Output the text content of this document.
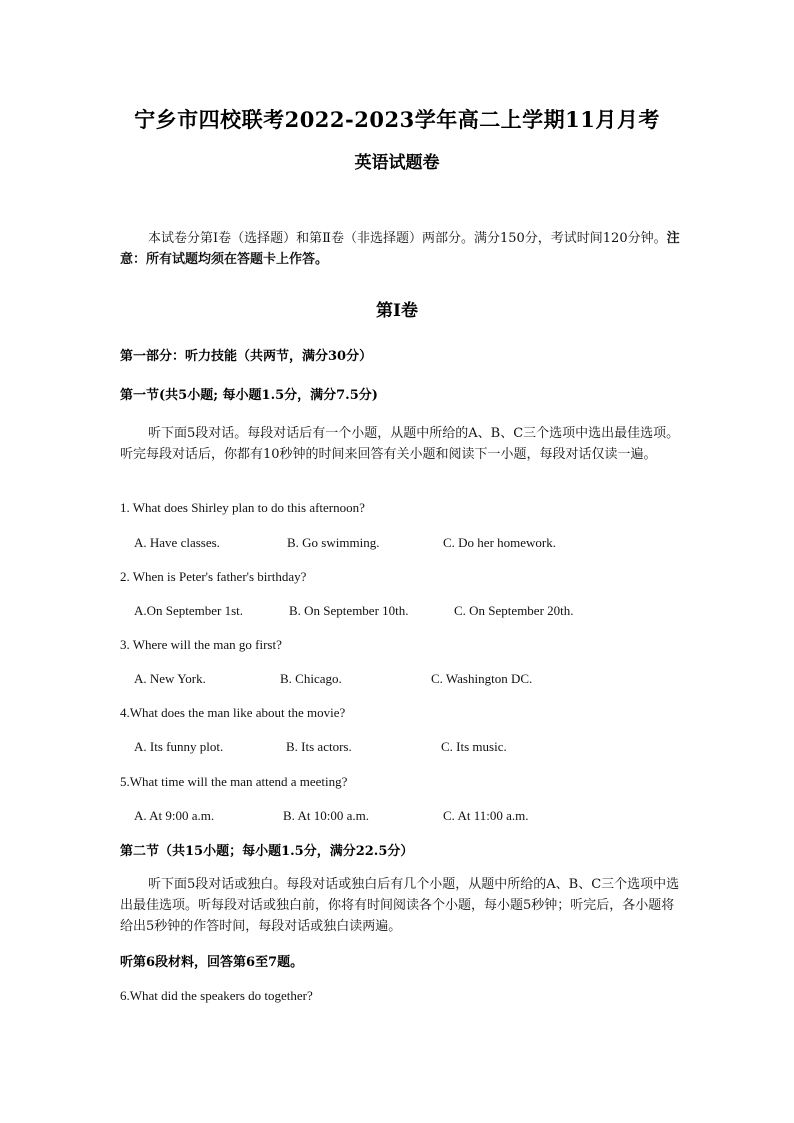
宁乡市四校联考2022-2023学年高二上学期11月月考
英语试题卷
本试卷分第Ⅰ卷（选择题）和第Ⅱ卷（非选择题）两部分。满分150分，考试时间120分钟。注意：所有试题均须在答题卡上作答。
第Ⅰ卷
第一部分：听力技能（共两节，满分30分）
第一节(共5小题; 每小题1.5分，满分7.5分)
听下面5段对话。每段对话后有一个小题，从题中所给的A、B、C三个选项中选出最佳选项。听完每段对话后，你都有10秒钟的时间来回答有关小题和阅读下一小题，每段对话仅读一遍。
1. What does Shirley plan to do this afternoon?
A. Have classes.	B. Go swimming.	C. Do her homework.
2. When is Peter's father's birthday?
A.On September 1st.	B. On September 10th.	C. On September 20th.
3. Where will the man go first?
A. New York.	B. Chicago.	C. Washington DC.
4.What does the man like about the movie?
A. Its funny plot.	B. Its actors.	C. Its music.
5.What time will the man attend a meeting?
A. At 9:00 a.m.	B. At 10:00 a.m.	C. At 11:00 a.m.
第二节（共15小题；每小题1.5分，满分22.5分）
听下面5段对话或独白。每段对话或独白后有几个小题，从题中所给的A、B、C三个选项中选出最佳选项。听每段对话或独白前，你将有时间阅读各个小题，每小题5秒钟；听完后，各小题将给出5秒钟的作答时间，每段对话或独白读两遍。
听第6段材料，回答第6至7题。
6.What did the speakers do together?
